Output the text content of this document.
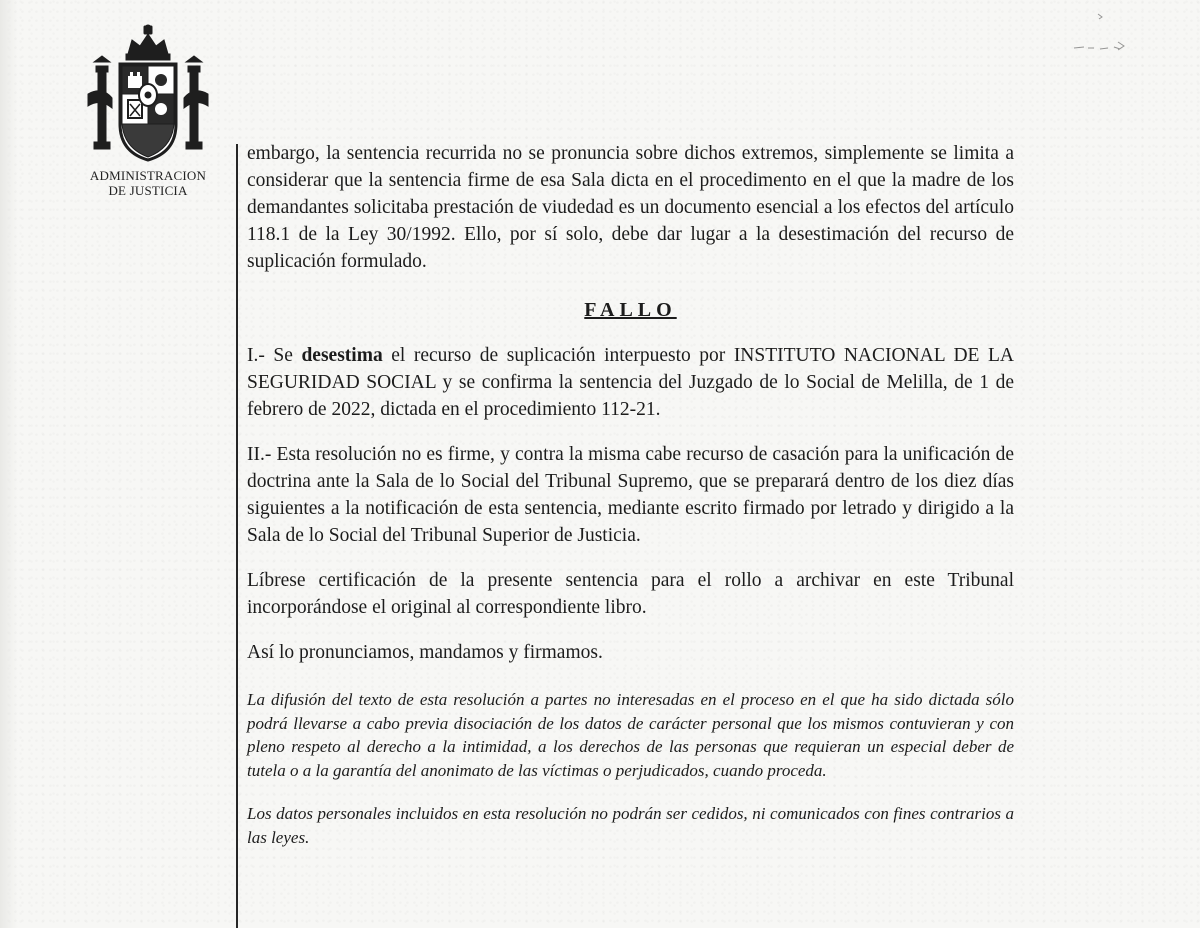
ADMINISTRACION
DE JUSTICIA

embargo, la sentencia recurrida no se pronuncia sobre dichos extremos, simplemente se limita a considerar que la sentencia firme de esa Sala dicta en el procedimento en el que la madre de los demandantes solicitaba prestación de viudedad es un documento esencial a los efectos del artículo 118.1 de la Ley 30/1992. Ello, por sí solo, debe dar lugar a la desestimación del recurso de suplicación formulado.

FALLO

I.- Se desestima el recurso de suplicación interpuesto por INSTITUTO NACIONAL DE LA SEGURIDAD SOCIAL y se confirma la sentencia del Juzgado de lo Social de Melilla, de 1 de febrero de 2022, dictada en el procedimiento 112-21.

II.- Esta resolución no es firme, y contra la misma cabe recurso de casación para la unificación de doctrina ante la Sala de lo Social del Tribunal Supremo, que se preparará dentro de los diez días siguientes a la notificación de esta sentencia, mediante escrito firmado por letrado y dirigido a la Sala de lo Social del Tribunal Superior de Justicia.

Líbrese certificación de la presente sentencia para el rollo a archivar en este Tribunal incorporándose el original al correspondiente libro.

Así lo pronunciamos, mandamos y firmamos.

La difusión del texto de esta resolución a partes no interesadas en el proceso en el que ha sido dictada sólo podrá llevarse a cabo previa disociación de los datos de carácter personal que los mismos contuvieran y con pleno respeto al derecho a la intimidad, a los derechos de las personas que requieran un especial deber de tutela o a la garantía del anonimato de las víctimas o perjudicados, cuando proceda.

Los datos personales incluidos en esta resolución no podrán ser cedidos, ni comunicados con fines contrarios a las leyes.
